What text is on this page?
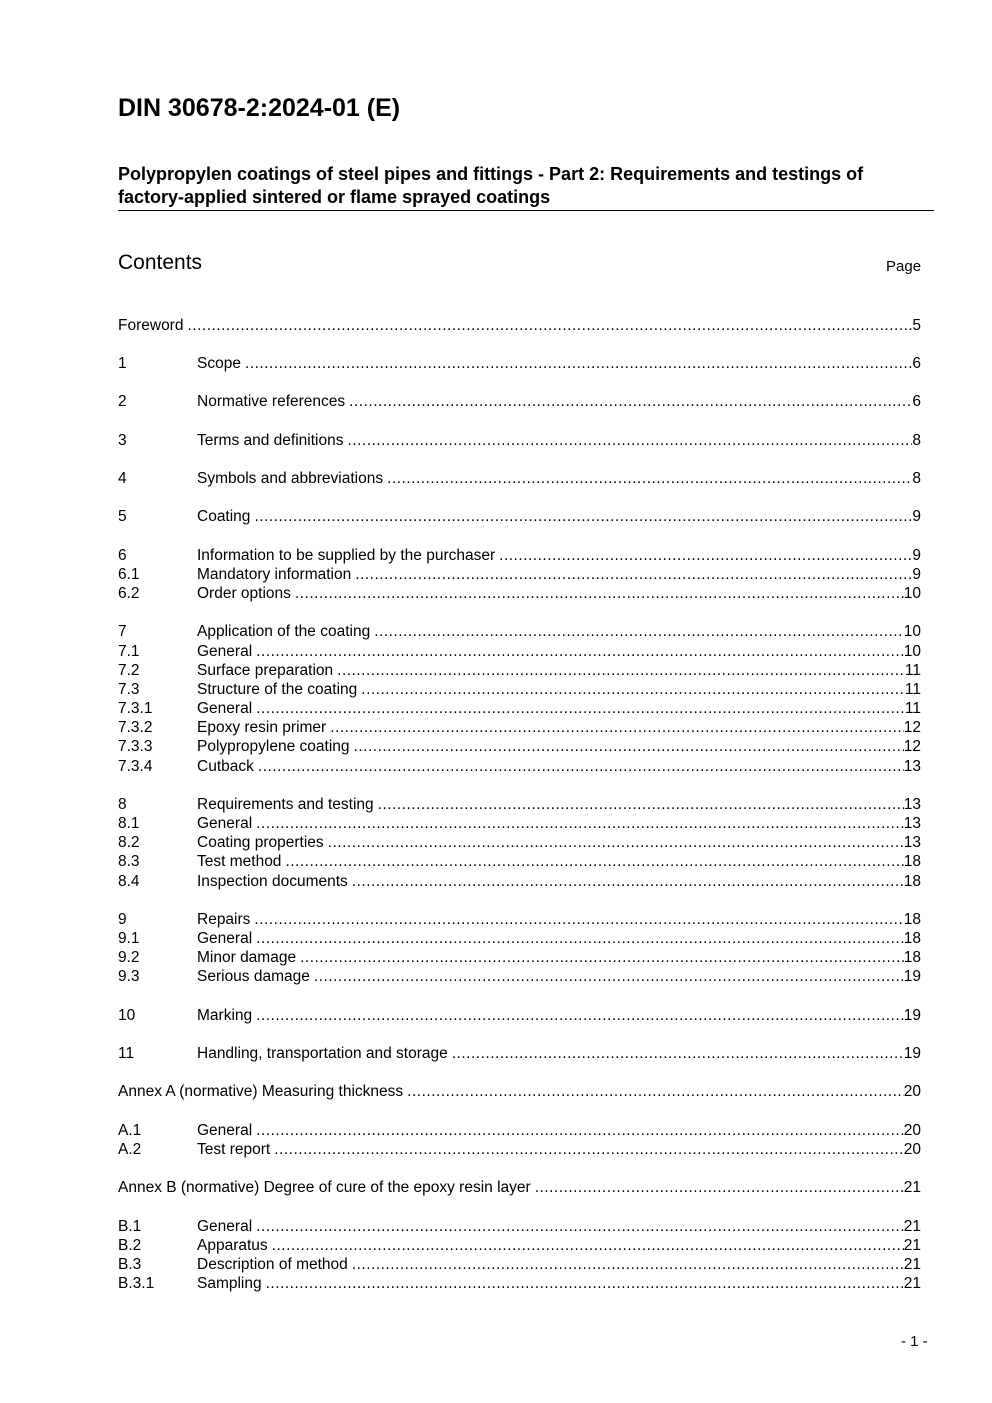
DIN 30678-2:2024-01 (E)
Polypropylen coatings of steel pipes and fittings - Part 2: Requirements and testings of factory-applied sintered or flame sprayed coatings
Contents	Page
Foreword .....	5
1	Scope .....	6
2	Normative references .....	6
3	Terms and definitions .....	8
4	Symbols and abbreviations .....	8
5	Coating .....	9
6	Information to be supplied by the purchaser .....	9
6.1	Mandatory information .....	9
6.2	Order options .....	10
7	Application of the coating .....	10
7.1	General .....	10
7.2	Surface preparation .....	11
7.3	Structure of the coating .....	11
7.3.1	General .....	11
7.3.2	Epoxy resin primer .....	12
7.3.3	Polypropylene coating .....	12
7.3.4	Cutback .....	13
8	Requirements and testing .....	13
8.1	General .....	13
8.2	Coating properties .....	13
8.3	Test method .....	18
8.4	Inspection documents .....	18
9	Repairs .....	18
9.1	General .....	18
9.2	Minor damage .....	18
9.3	Serious damage .....	19
10	Marking .....	19
11	Handling, transportation and storage .....	19
Annex A (normative) Measuring thickness .....	20
A.1	General .....	20
A.2	Test report .....	20
Annex B (normative) Degree of cure of the epoxy resin layer .....	21
B.1	General .....	21
B.2	Apparatus .....	21
B.3	Description of method .....	21
B.3.1	Sampling .....	21
- 1 -
